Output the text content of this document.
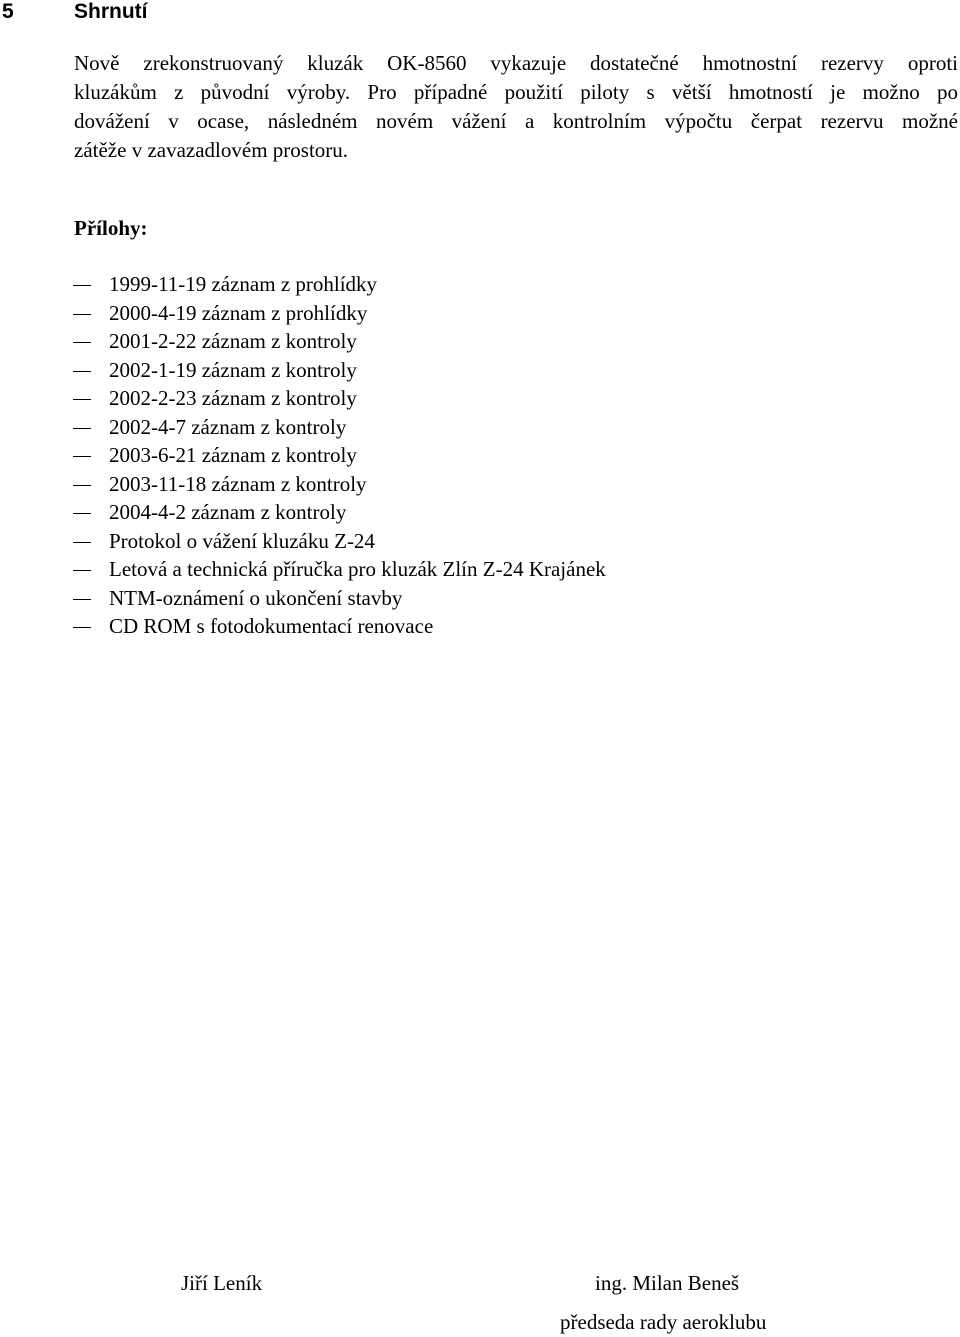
5	Shrnutí

Nově zrekonstruovaný kluzák OK-8560 vykazuje dostatečné hmotnostní rezervy oproti
kluzákům z původní výroby. Pro případné použití piloty s větší hmotností je možno po
dovážení v ocase, následném novém vážení a kontrolním výpočtu čerpat rezervu možné
zátěže v zavazadlovém prostoru.

Přílohy:
1999-11-19 záznam z prohlídky
2000-4-19 záznam z prohlídky
2001-2-22 záznam z kontroly
2002-1-19 záznam z kontroly
2002-2-23 záznam z kontroly
2002-4-7 záznam z kontroly
2003-6-21 záznam z kontroly
2003-11-18 záznam z kontroly
2004-4-2 záznam z kontroly
Protokol o vážení kluzáku Z-24
Letová a technická příručka pro kluzák Zlín Z-24 Krajánek
NTM-oznámení o ukončení stavby
CD ROM s fotodokumentací renovace
Jiří Leník	ing. Milan Beneš
předseda rady aeroklubu
